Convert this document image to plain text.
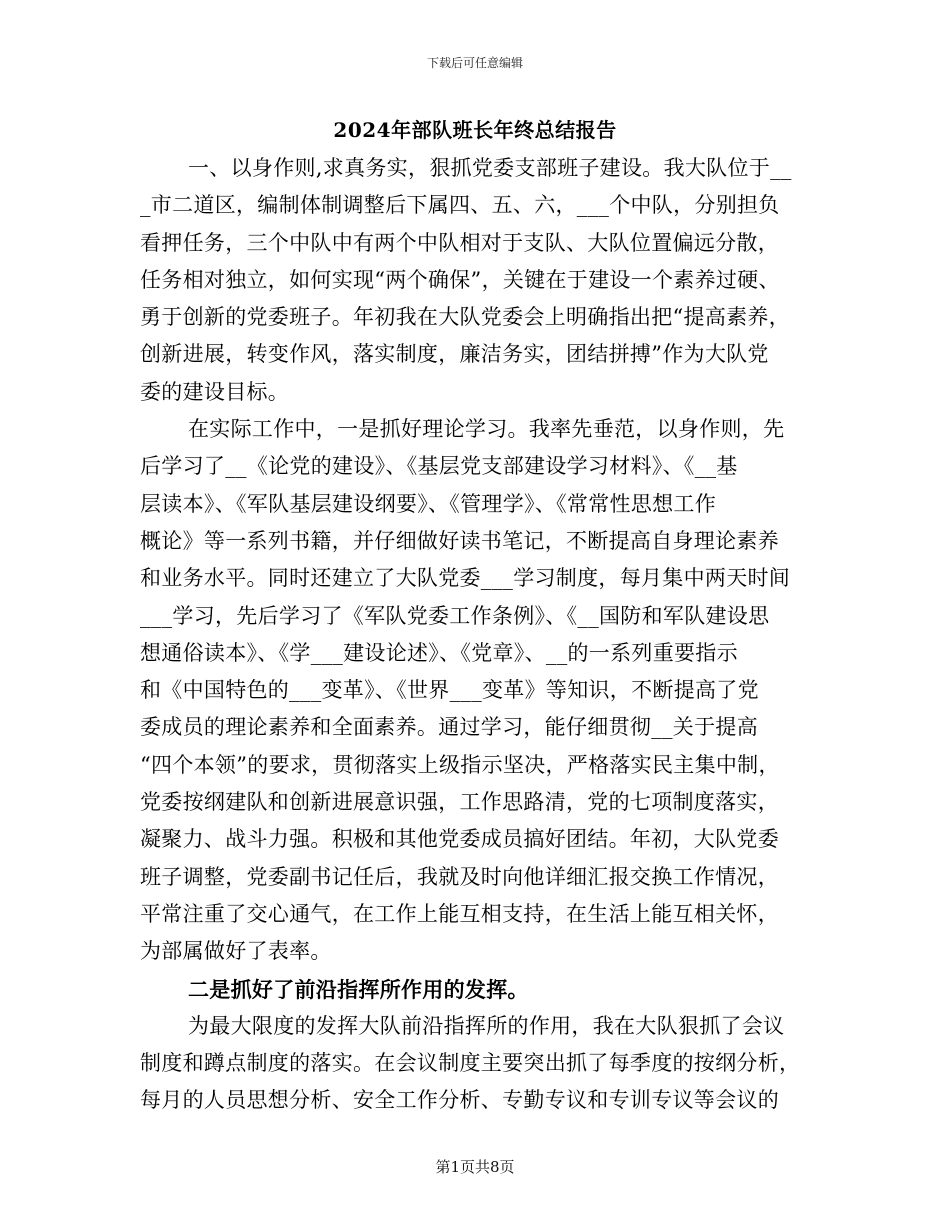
下载后可任意编辑
2024年部队班长年终总结报告
一、以身作则,求真务实，狠抓党委支部班子建设。我大队位于__
_市二道区，编制体制调整后下属四、五、六，___个中队，分别担负
看押任务，三个中队中有两个中队相对于支队、大队位置偏远分散，
任务相对独立，如何实现“两个确保”，关键在于建设一个素养过硬、
勇于创新的党委班子。年初我在大队党委会上明确指出把“提高素养，
创新进展，转变作风，落实制度，廉洁务实，团结拼搏”作为大队党
委的建设目标。
在实际工作中，一是抓好理论学习。我率先垂范，以身作则，先
后学习了__《论党的建设》、《基层党支部建设学习材料》、《__基
层读本》、《军队基层建设纲要》、《管理学》、《常常性思想工作
概论》等一系列书籍，并仔细做好读书笔记，不断提高自身理论素养
和业务水平。同时还建立了大队党委___学习制度，每月集中两天时间
___学习，先后学习了《军队党委工作条例》、《__国防和军队建设思
想通俗读本》、《学___建设论述》、《党章》、__的一系列重要指示
和《中国特色的___变革》、《世界___变革》等知识，不断提高了党
委成员的理论素养和全面素养。通过学习，能仔细贯彻__关于提高
“四个本领”的要求，贯彻落实上级指示坚决，严格落实民主集中制，
党委按纲建队和创新进展意识强，工作思路清，党的七项制度落实，
凝聚力、战斗力强。积极和其他党委成员搞好团结。年初，大队党委
班子调整，党委副书记任后，我就及时向他详细汇报交换工作情况，
平常注重了交心通气，在工作上能互相支持，在生活上能互相关怀，
为部属做好了表率。
二是抓好了前沿指挥所作用的发挥。
为最大限度的发挥大队前沿指挥所的作用，我在大队狠抓了会议
制度和蹲点制度的落实。在会议制度主要突出抓了每季度的按纲分析，
每月的人员思想分析、安全工作分析、专勤专议和专训专议等会议的
第1页共8页
